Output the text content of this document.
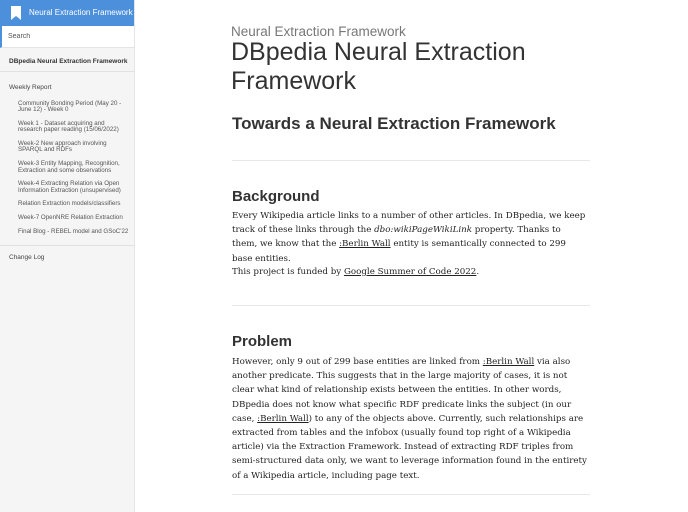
Neural Extraction Framework
Search
DBpedia Neural Extraction Framework
Weekly Report
Community Bonding Period (May 20 - June 12) - Week 0
Week 1 - Dataset acquiring and research paper reading (15/06/2022)
Week-2 New approach involving SPARQL and RDFs
Week-3 Entity Mapping, Recognition, Extraction and some observations
Week-4 Extracting Relation via Open Information Extraction (unsupervised)
Relation Extraction models/classifiers
Week-7 OpenNRE Relation Extraction
Final Blog - REBEL model and GSoC'22
Change Log
Neural Extraction Framework
DBpedia Neural Extraction Framework
Towards a Neural Extraction Framework
Background

Every Wikipedia article links to a number of other articles. In DBpedia, we keep track of these links through the dbo:wikiPageWikiLink property. Thanks to them, we know that the :Berlin Wall entity is semantically connected to 299 base entities.

This project is funded by Google Summer of Code 2022.

Problem

However, only 9 out of 299 base entities are linked from :Berlin Wall via also another predicate. This suggests that in the large majority of cases, it is not clear what kind of relationship exists between the entities. In other words, DBpedia does not know what specific RDF predicate links the subject (in our case, :Berlin Wall) to any of the objects above. Currently, such relationships are extracted from tables and the infobox (usually found top right of a Wikipedia article) via the Extraction Framework. Instead of extracting RDF triples from semi-structured data only, we want to leverage information found in the entirety of a Wikipedia article, including page text.
